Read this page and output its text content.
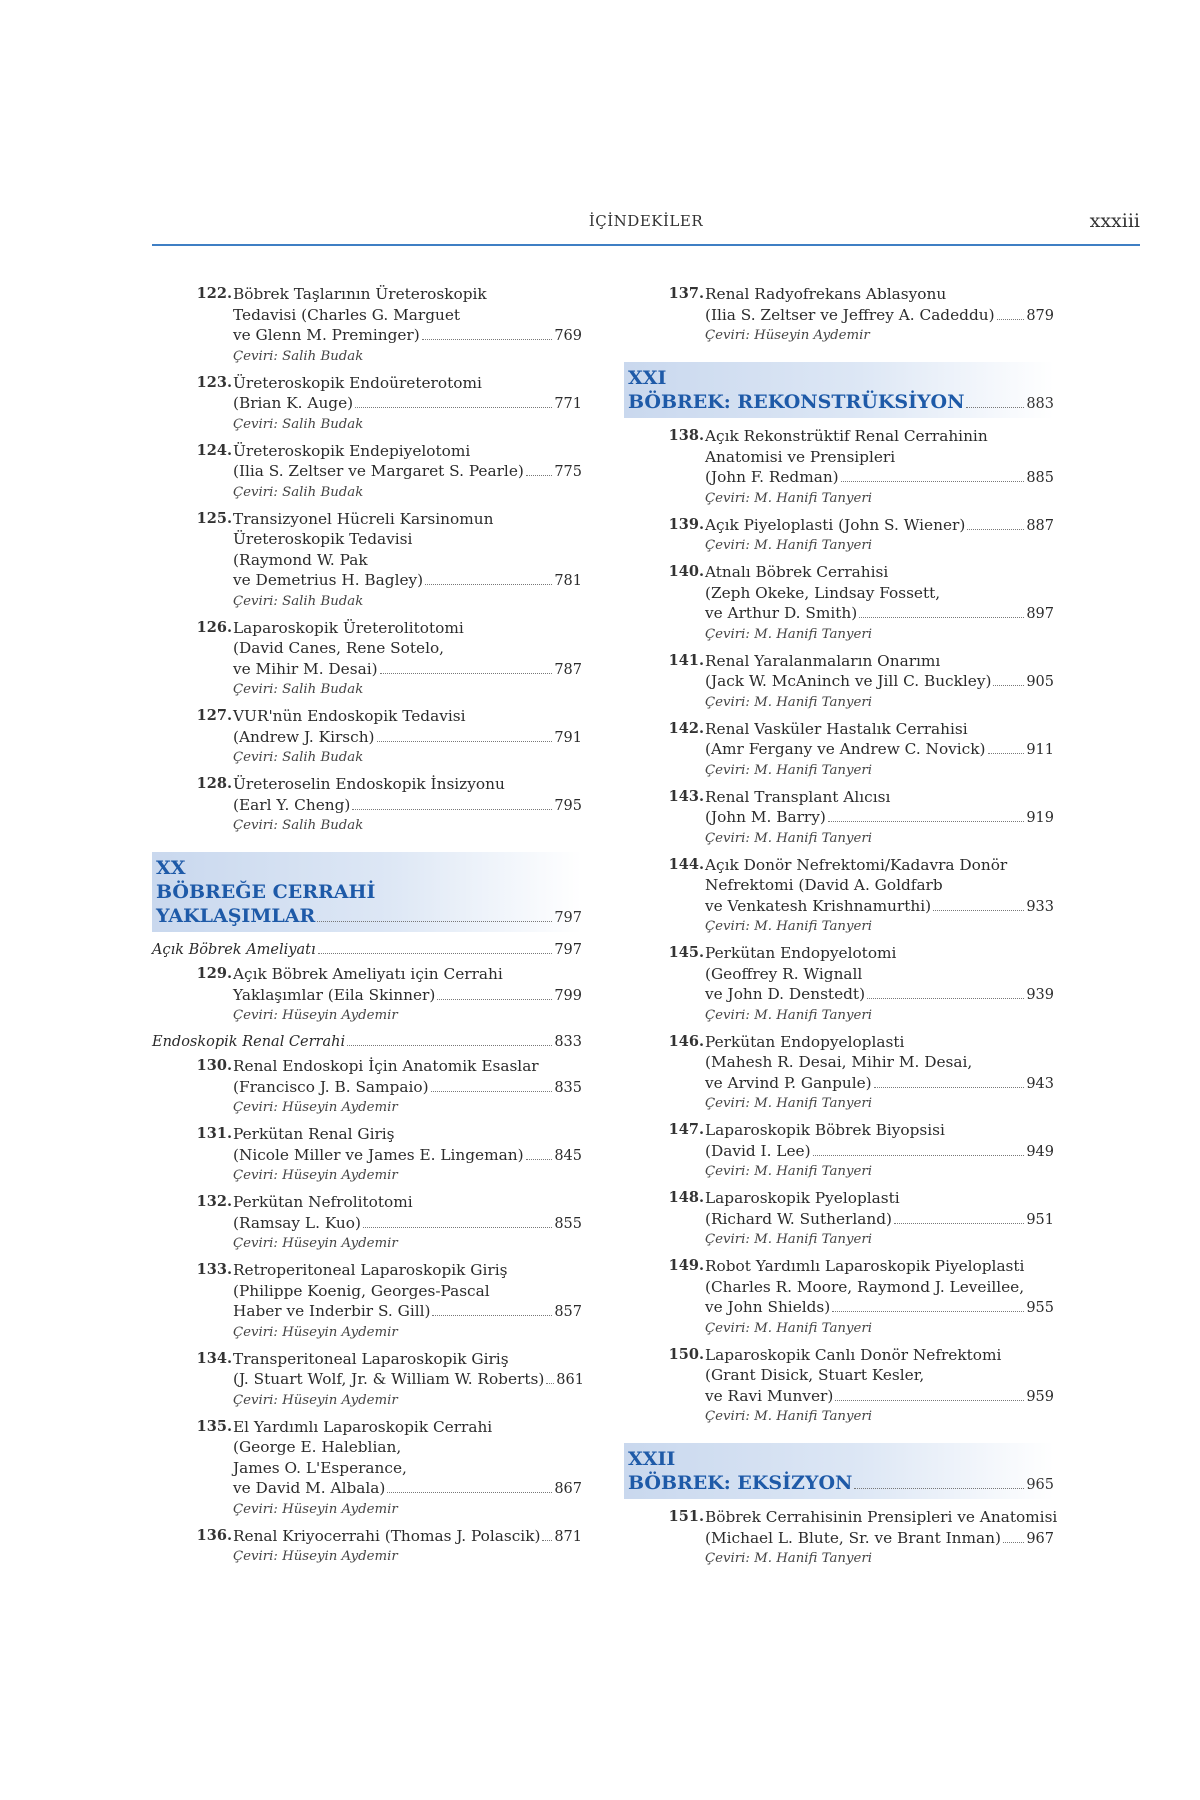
İÇİNDEKİLER	xxxiii
122. Böbrek Taşlarının Üreteroskopik
Tedavisi (Charles G. Marguet
ve Glenn M. Preminger)	769
Çeviri: Salih Budak
123. Üreteroskopik Endoüreterotomi
(Brian K. Auge)	771
Çeviri: Salih Budak
124. Üreteroskopik Endepiyelotomi
(Ilia S. Zeltser ve Margaret S. Pearle) 775
Çeviri: Salih Budak
125. Transizyonel Hücreli Karsinomun
Üreteroskopik Tedavisi
(Raymond W. Pak
ve Demetrius H. Bagley)	781
Çeviri: Salih Budak
126. Laparoskopik Üreterolitotomi
(David Canes, Rene Sotelo,
ve Mihir M. Desai)	787
Çeviri: Salih Budak
127. VUR'nün Endoskopik Tedavisi
(Andrew J. Kirsch)	791
Çeviri: Salih Budak
128. Üreteroselin Endoskopik İnsizyonu
(Earl Y. Cheng)	795
Çeviri: Salih Budak
XX
BÖBREĞE CERRAHİ
YAKLAŞIMLAR	797
Açık Böbrek Ameliyatı	797
129. Açık Böbrek Ameliyatı için Cerrahi
Yaklaşımlar (Eila Skinner)	799
Çeviri: Hüseyin Aydemir
Endoskopik Renal Cerrahi	833
130. Renal Endoskopi İçin Anatomik Esaslar
(Francisco J. B. Sampaio)	835
Çeviri: Hüseyin Aydemir
131. Perkütan Renal Giriş
(Nicole Miller ve James E. Lingeman) 845
Çeviri: Hüseyin Aydemir
132. Perkütan Nefrolitotomi
(Ramsay L. Kuo)	855
Çeviri: Hüseyin Aydemir
133. Retroperitoneal Laparoskopik Giriş
(Philippe Koenig, Georges-Pascal
Haber ve Inderbir S. Gill)	857
Çeviri: Hüseyin Aydemir
134. Transperitoneal Laparoskopik Giriş
(J. Stuart Wolf, Jr. & William W. Roberts) 861
Çeviri: Hüseyin Aydemir
135. El Yardımlı Laparoskopik Cerrahi
(George E. Haleblian,
James O. L'Esperance,
ve David M. Albala)	867
Çeviri: Hüseyin Aydemir
136. Renal Kriyocerrahi (Thomas J. Polascik) 871
Çeviri: Hüseyin Aydemir
137. Renal Radyofrekans Ablasyonu
(Ilia S. Zeltser ve Jeffrey A. Cadeddu) 879
Çeviri: Hüseyin Aydemir
XXI
BÖBREK: REKONSTRÜKSİYON	883
138. Açık Rekonstrüktif Renal Cerrahinin
Anatomisi ve Prensipleri
(John F. Redman)	885
Çeviri: M. Hanifi Tanyeri
139. Açık Piyeloplasti (John S. Wiener)	887
Çeviri: M. Hanifi Tanyeri
140. Atnalı Böbrek Cerrahisi
(Zeph Okeke, Lindsay Fossett,
ve Arthur D. Smith)	897
Çeviri: M. Hanifi Tanyeri
141. Renal Yaralanmaların Onarımı
(Jack W. McAninch ve Jill C. Buckley) 905
Çeviri: M. Hanifi Tanyeri
142. Renal Vasküler Hastalık Cerrahisi
(Amr Fergany ve Andrew C. Novick)	911
Çeviri: M. Hanifi Tanyeri
143. Renal Transplant Alıcısı
(John M. Barry)	919
Çeviri: M. Hanifi Tanyeri
144. Açık Donör Nefrektomi/Kadavra Donör
Nefrektomi (David A. Goldfarb
ve Venkatesh Krishnamurthi)	933
Çeviri: M. Hanifi Tanyeri
145. Perkütan Endopyelotomi
(Geoffrey R. Wignall
ve John D. Denstedt)	939
Çeviri: M. Hanifi Tanyeri
146. Perkütan Endopyeloplasti
(Mahesh R. Desai, Mihir M. Desai,
ve Arvind P. Ganpule)	943
Çeviri: M. Hanifi Tanyeri
147. Laparoskopik Böbrek Biyopsisi
(David I. Lee)	949
Çeviri: M. Hanifi Tanyeri
148. Laparoskopik Pyeloplasti
(Richard W. Sutherland)	951
Çeviri: M. Hanifi Tanyeri
149. Robot Yardımlı Laparoskopik Piyeloplasti
(Charles R. Moore, Raymond J. Leveillee,
ve John Shields)	955
Çeviri: M. Hanifi Tanyeri
150. Laparoskopik Canlı Donör Nefrektomi
(Grant Disick, Stuart Kesler,
ve Ravi Munver)	959
Çeviri: M. Hanifi Tanyeri
XXII
BÖBREK: EKSİZYON	965
151. Böbrek Cerrahisinin Prensipleri ve Anatomisi
(Michael L. Blute, Sr. ve Brant Inman) 967
Çeviri: M. Hanifi Tanyeri
